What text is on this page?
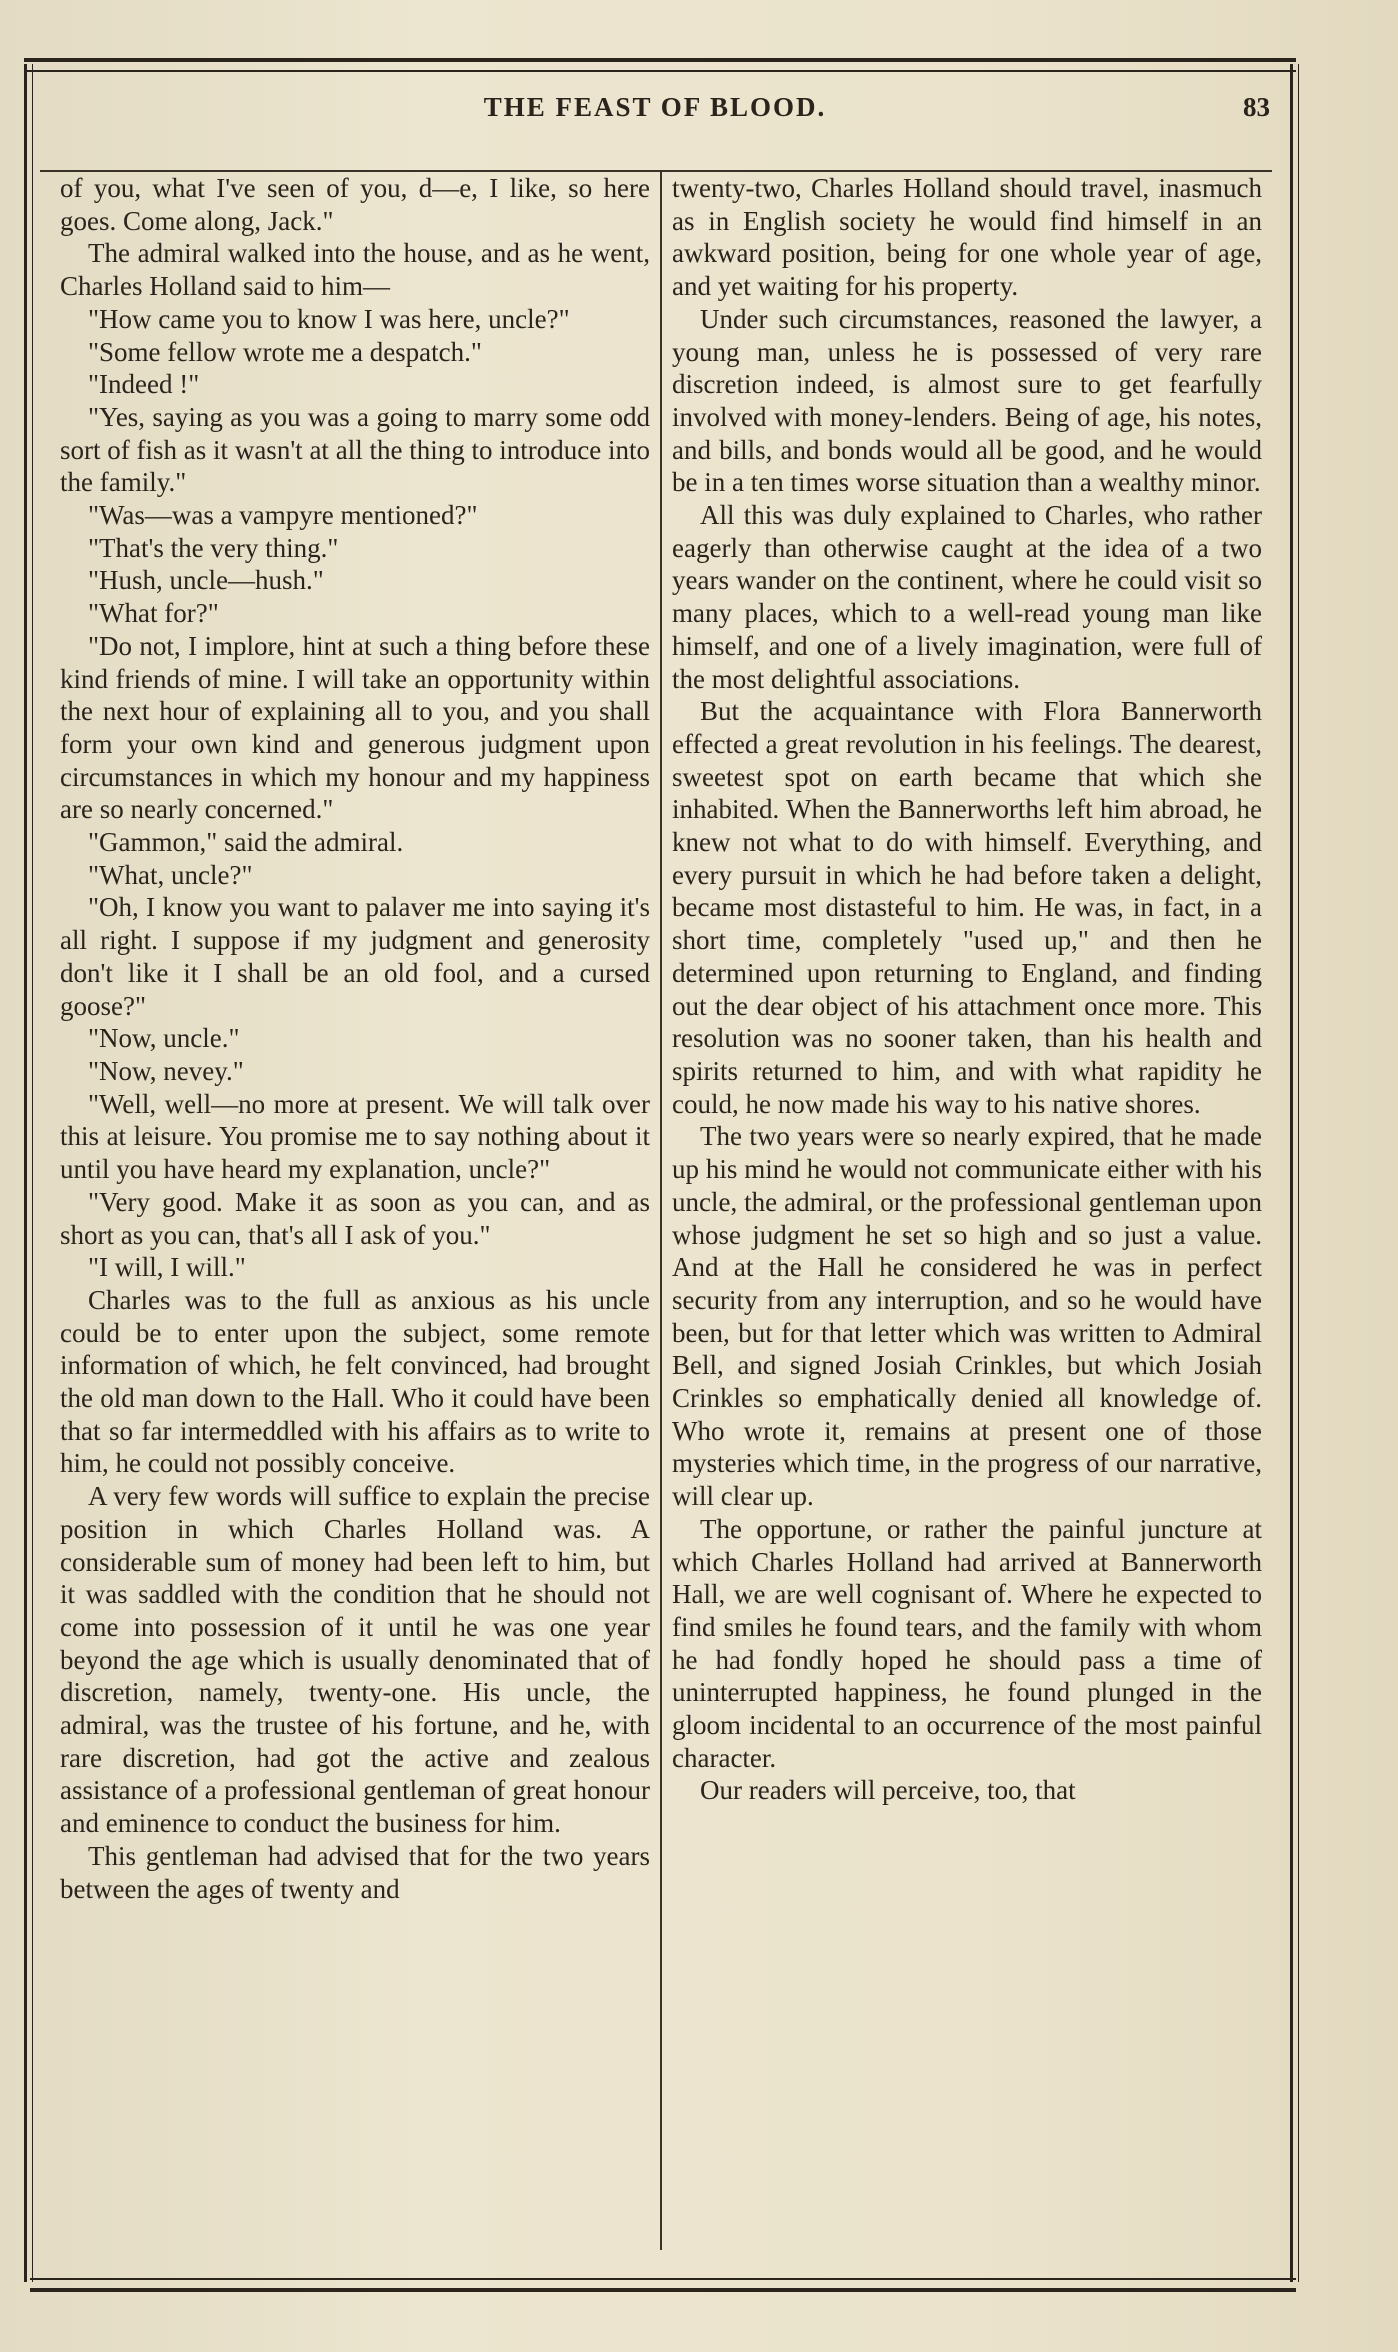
THE FEAST OF BLOOD.	83

of you, what I've seen of you, d—e, I like, so here goes. Come along, Jack."

The admiral walked into the house, and as he went, Charles Holland said to him—

"How came you to know I was here, uncle?"

"Some fellow wrote me a despatch."

"Indeed !"

"Yes, saying as you was a going to marry some odd sort of fish as it wasn't at all the thing to introduce into the family."

"Was—was a vampyre mentioned?"

"That's the very thing."

"Hush, uncle—hush."

"What for?"

"Do not, I implore, hint at such a thing before these kind friends of mine. I will take an opportunity within the next hour of explaining all to you, and you shall form your own kind and generous judgment upon circumstances in which my honour and my happiness are so nearly concerned."

"Gammon," said the admiral.

"What, uncle?"

"Oh, I know you want to palaver me into saying it's all right. I suppose if my judgment and generosity don't like it I shall be an old fool, and a cursed goose?"

"Now, uncle."

"Now, nevey."

"Well, well—no more at present. We will talk over this at leisure. You promise me to say nothing about it until you have heard my explanation, uncle?"

"Very good. Make it as soon as you can, and as short as you can, that's all I ask of you."

"I will, I will."

Charles was to the full as anxious as his uncle could be to enter upon the subject, some remote information of which, he felt convinced, had brought the old man down to the Hall. Who it could have been that so far intermeddled with his affairs as to write to him, he could not possibly conceive.

A very few words will suffice to explain the precise position in which Charles Holland was. A considerable sum of money had been left to him, but it was saddled with the condition that he should not come into possession of it until he was one year beyond the age which is usually denominated that of discretion, namely, twenty-one. His uncle, the admiral, was the trustee of his fortune, and he, with rare discretion, had got the active and zealous assistance of a professional gentleman of great honour and eminence to conduct the business for him.

This gentleman had advised that for the two years between the ages of twenty and

twenty-two, Charles Holland should travel, inasmuch as in English society he would find himself in an awkward position, being for one whole year of age, and yet waiting for his property.

Under such circumstances, reasoned the lawyer, a young man, unless he is possessed of very rare discretion indeed, is almost sure to get fearfully involved with money-lenders. Being of age, his notes, and bills, and bonds would all be good, and he would be in a ten times worse situation than a wealthy minor.

All this was duly explained to Charles, who rather eagerly than otherwise caught at the idea of a two years wander on the continent, where he could visit so many places, which to a well-read young man like himself, and one of a lively imagination, were full of the most delightful associations.

But the acquaintance with Flora Bannerworth effected a great revolution in his feelings. The dearest, sweetest spot on earth became that which she inhabited. When the Bannerworths left him abroad, he knew not what to do with himself. Everything, and every pursuit in which he had before taken a delight, became most distasteful to him. He was, in fact, in a short time, completely "used up," and then he determined upon returning to England, and finding out the dear object of his attachment once more. This resolution was no sooner taken, than his health and spirits returned to him, and with what rapidity he could, he now made his way to his native shores.

The two years were so nearly expired, that he made up his mind he would not communicate either with his uncle, the admiral, or the professional gentleman upon whose judgment he set so high and so just a value. And at the Hall he considered he was in perfect security from any interruption, and so he would have been, but for that letter which was written to Admiral Bell, and signed Josiah Crinkles, but which Josiah Crinkles so emphatically denied all knowledge of. Who wrote it, remains at present one of those mysteries which time, in the progress of our narrative, will clear up.

The opportune, or rather the painful juncture at which Charles Holland had arrived at Bannerworth Hall, we are well cognisant of. Where he expected to find smiles he found tears, and the family with whom he had fondly hoped he should pass a time of uninterrupted happiness, he found plunged in the gloom incidental to an occurrence of the most painful character.

Our readers will perceive, too, that
